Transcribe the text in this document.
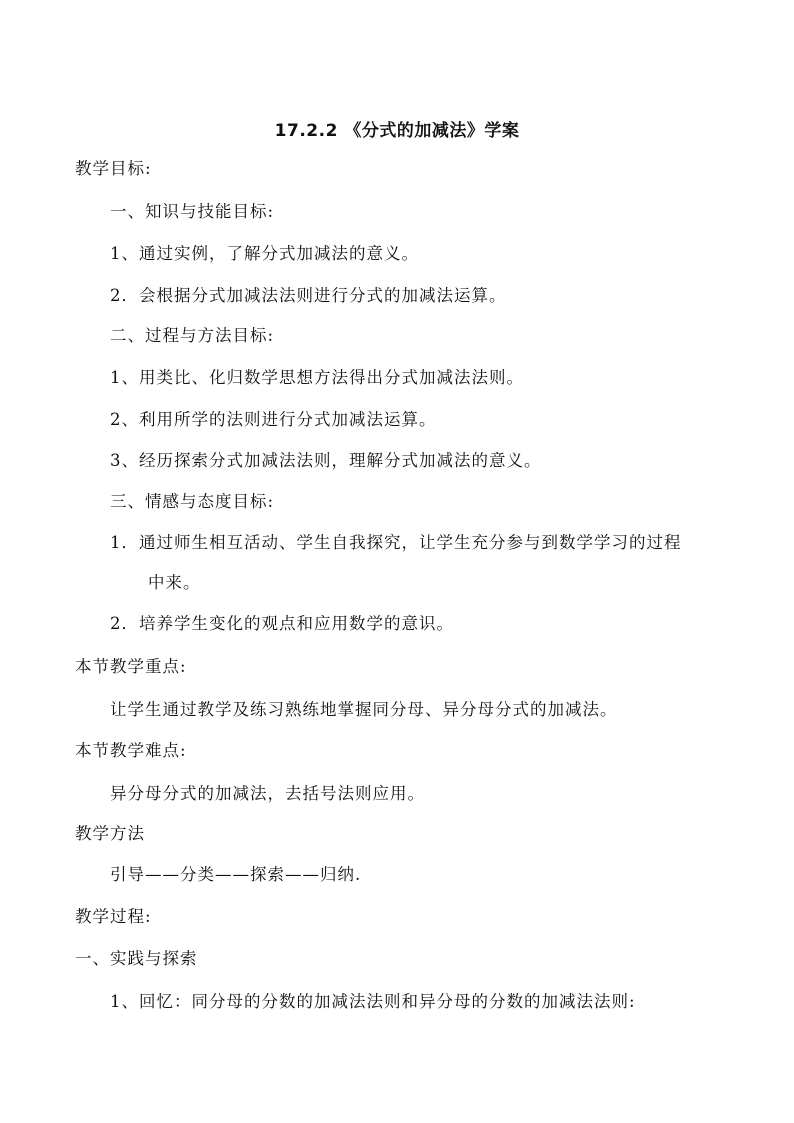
17.2.2 《分式的加减法》学案
教学目标:
一、知识与技能目标:
1、通过实例，了解分式加减法的意义。
2．会根据分式加减法法则进行分式的加减法运算。
二、过程与方法目标:
1、用类比、化归数学思想方法得出分式加减法法则。
2、利用所学的法则进行分式加减法运算。
3、经历探索分式加减法法则，理解分式加减法的意义。
三、情感与态度目标:
1．通过师生相互活动、学生自我探究，让学生充分参与到数学学习的过程
中来。
2．培养学生变化的观点和应用数学的意识。
本节教学重点:
让学生通过教学及练习熟练地掌握同分母、异分母分式的加减法。
本节教学难点:
异分母分式的加减法，去括号法则应用。
教学方法
引导——分类——探索——归纳.
教学过程:
一、实践与探索
1、回忆：同分母的分数的加减法法则和异分母的分数的加减法法则:
